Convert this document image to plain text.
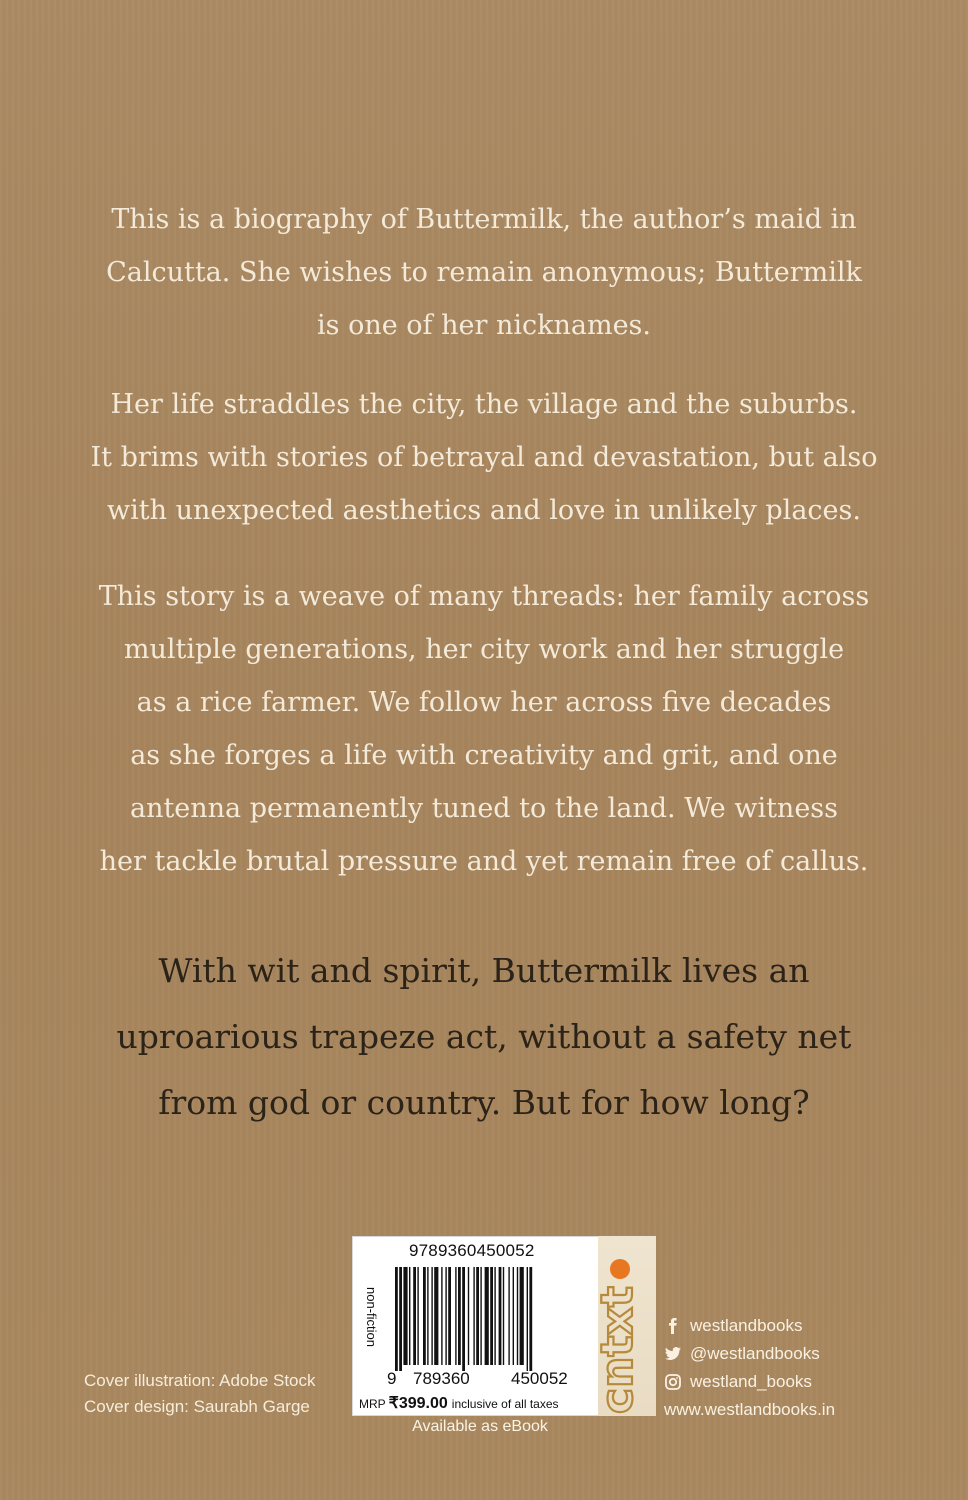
This is a biography of Buttermilk, the author’s maid in
Calcutta. She wishes to remain anonymous; Buttermilk
is one of her nicknames.
Her life straddles the city, the village and the suburbs.
It brims with stories of betrayal and devastation, but also
with unexpected aesthetics and love in unlikely places.
This story is a weave of many threads: her family across
multiple generations, her city work and her struggle
as a rice farmer. We follow her across five decades
as she forges a life with creativity and grit, and one
antenna permanently tuned to the land. We witness
her tackle brutal pressure and yet remain free of callus.
With wit and spirit, Buttermilk lives an
uproarious trapeze act, without a safety net
from god or country. But for how long?
9789360450052
non-fiction
9 789360 450052
MRP ₹399.00 inclusive of all taxes cntxt
Available as eBook
Cover illustration: Adobe Stock
Cover design: Saurabh Garge
westlandbooks
@westlandbooks
westland_books
www.westlandbooks.in
